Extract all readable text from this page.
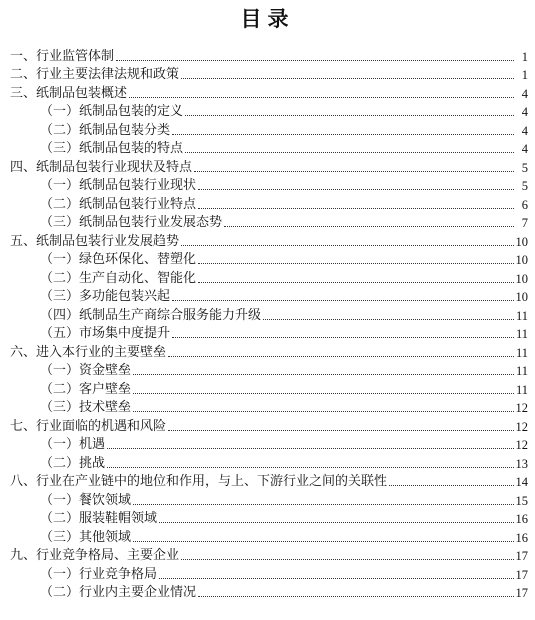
目录
一、行业监管体制	1
二、行业主要法律法规和政策	1
三、纸制品包装概述	4
（一）纸制品包装的定义	4
（二）纸制品包装分类	4
（三）纸制品包装的特点	4
四、纸制品包装行业现状及特点	5
（一）纸制品包装行业现状	5
（二）纸制品包装行业特点	6
（三）纸制品包装行业发展态势	7
五、纸制品包装行业发展趋势	10
（一）绿色环保化、替塑化	10
（二）生产自动化、智能化	10
（三）多功能包装兴起	10
（四）纸制品生产商综合服务能力升级	11
（五）市场集中度提升	11
六、进入本行业的主要壁垒	11
（一）资金壁垒	11
（二）客户壁垒	11
（三）技术壁垒	12
七、行业面临的机遇和风险	12
（一）机遇	12
（二）挑战	13
八、行业在产业链中的地位和作用，与上、下游行业之间的关联性	14
（一）餐饮领域	15
（二）服装鞋帽领域	16
（三）其他领域	16
九、行业竞争格局、主要企业	17
（一）行业竞争格局	17
（二）行业内主要企业情况	17
